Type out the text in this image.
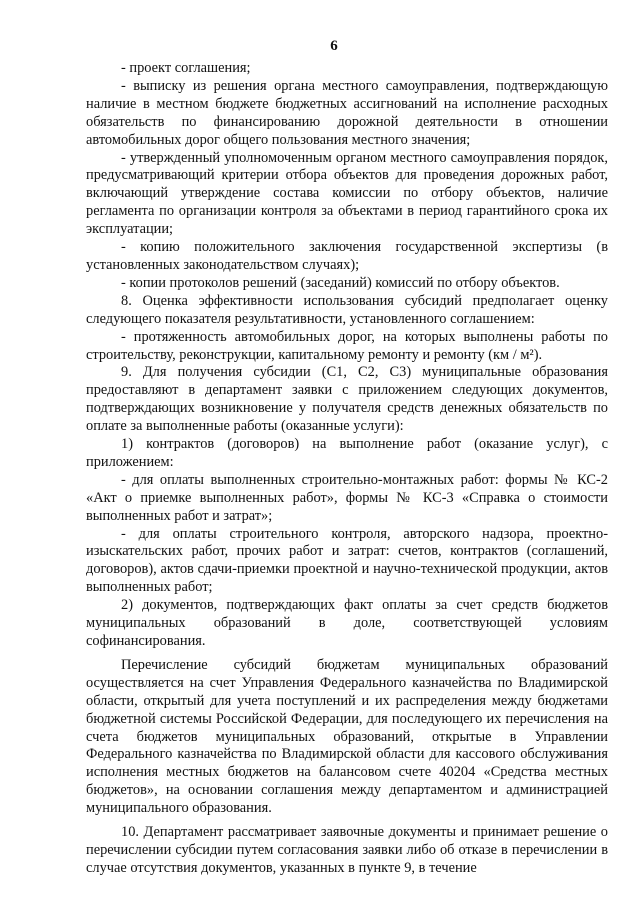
6

- проект соглашения;

- выписку из решения органа местного самоуправления, подтверждающую наличие в местном бюджете бюджетных ассигнований на исполнение расходных обязательств по финансированию дорожной деятельности в отношении автомобильных дорог общего пользования местного значения;

- утвержденный уполномоченным органом местного самоуправления порядок, предусматривающий критерии отбора объектов для проведения дорожных работ, включающий утверждение состава комиссии по отбору объектов, наличие регламента по организации контроля за объектами в период гарантийного срока их эксплуатации;

- копию положительного заключения государственной экспертизы (в установленных законодательством случаях);

- копии протоколов решений (заседаний) комиссий по отбору объектов.

8. Оценка эффективности использования субсидий предполагает оценку следующего показателя результативности, установленного соглашением:

- протяженность автомобильных дорог, на которых выполнены работы по строительству, реконструкции, капитальному ремонту и ремонту (км / м²).

9. Для получения субсидии (С1, С2, С3) муниципальные образования предоставляют в департамент заявки с приложением следующих документов, подтверждающих возникновение у получателя средств денежных обязательств по оплате за выполненные работы (оказанные услуги):

1) контрактов (договоров) на выполнение работ (оказание услуг), с приложением:

- для оплаты выполненных строительно-монтажных работ: формы № КС-2 «Акт о приемке выполненных работ», формы № КС-3 «Справка о стоимости выполненных работ и затрат»;

- для оплаты строительного контроля, авторского надзора, проектно-изыскательских работ, прочих работ и затрат: счетов, контрактов (соглашений, договоров), актов сдачи-приемки проектной и научно-технической продукции, актов выполненных работ;

2) документов, подтверждающих факт оплаты за счет средств бюджетов муниципальных образований в доле, соответствующей условиям софинансирования.

Перечисление субсидий бюджетам муниципальных образований осуществляется на счет Управления Федерального казначейства по Владимирской области, открытый для учета поступлений и их распределения между бюджетами бюджетной системы Российской Федерации, для последующего их перечисления на счета бюджетов муниципальных образований, открытые в Управлении Федерального казначейства по Владимирской области для кассового обслуживания исполнения местных бюджетов на балансовом счете 40204 «Средства местных бюджетов», на основании соглашения между департаментом и администрацией муниципального образования.

10. Департамент рассматривает заявочные документы и принимает решение о перечислении субсидии путем согласования заявки либо об отказе в перечислении в случае отсутствия документов, указанных в пункте 9, в течение
